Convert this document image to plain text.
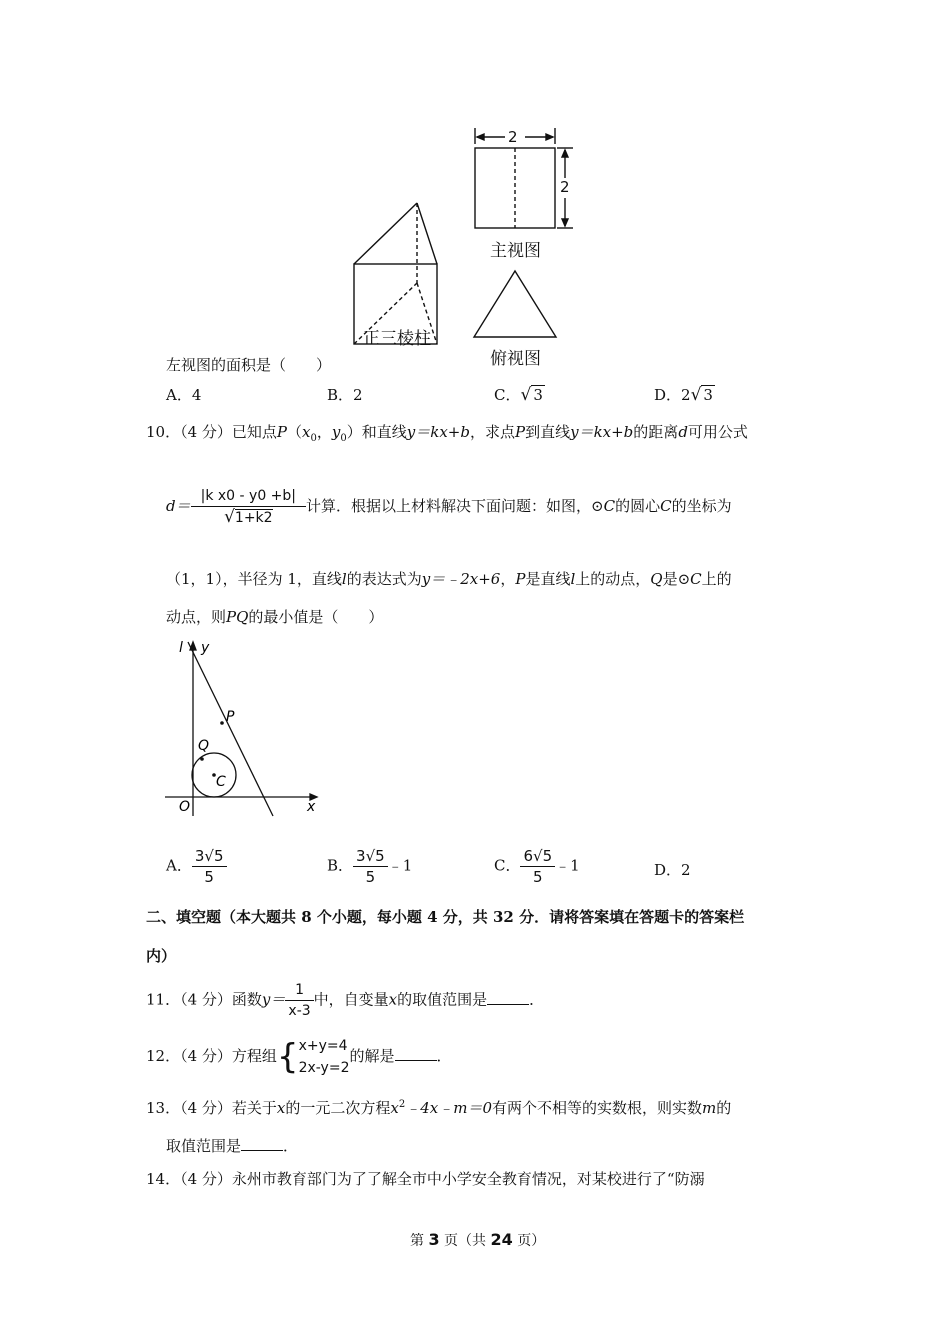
正三棱柱
2
2
主视图
俯视图
左视图的面积是（　　）
A．4	B．2	C．√ 3	D．2√ 3
10．（4 分）已知点$P(x_0$，$y_0$）和直线y＝kx+b，求点P到直线y＝kx+b的距离d可用公式
$d= \frac{\text{|k x0 - y0 +b|}}{√1+k2}$ 计算．根据以上材料解决下面问题：如图，⊙C的圆心C的坐标为
（1，1），半径为 1，直线l的表达式为y＝﹣2x+6，P是直线l上的动点，Q是⊙C上的
动点，则PQ的最小值是（　　）
l y
P
Q
C
O	x
A． $\frac{3√5}{5}$	B． $\frac{3√5}{5}$ ﹣1	C． $\frac{6√5}{5}$ ﹣1	D．2
二、填空题（本大题共 8 个小题，每小题 4 分，共 32 分．请将答案填在答题卡的答案栏
内）
11．（4 分）函数$y= \frac{1}{x-3}$ 中，自变量x的取值范围是	．
12．（4 分）方程组{ x+y=4
2x-y=2
的解是	．
13．（4 分）若关于x的一元二次方程$x^2﹣4x﹣m=0$有两个不相等的实数根，则实数m的
取值范围是	．
14．（4 分）永州市教育部门为了了解全市中小学安全教育情况，对某校进行了“防溺
第 3 页（共 24 页）
